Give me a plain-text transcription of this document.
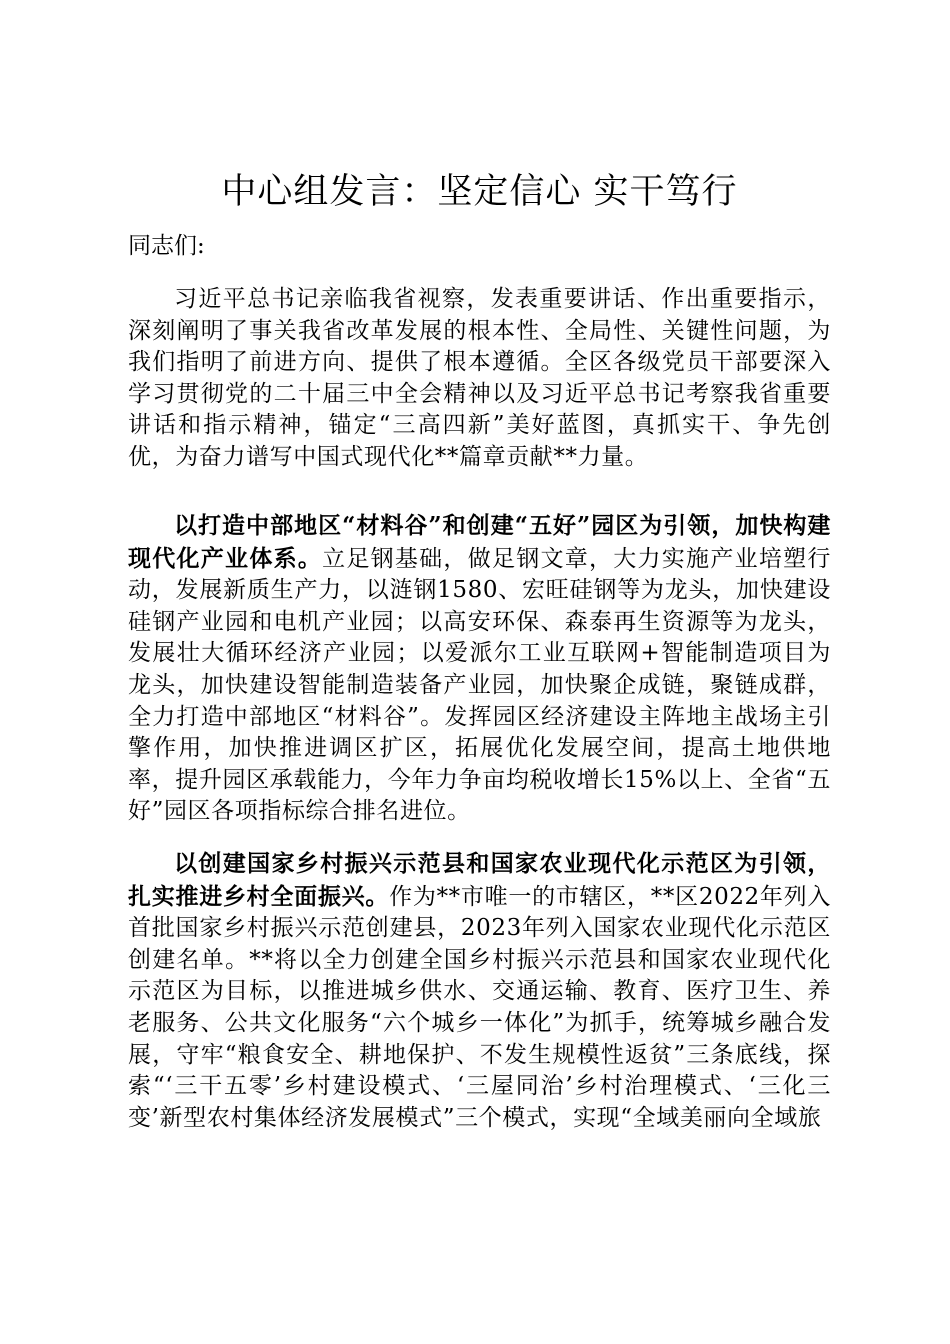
中心组发言：坚定信心 实干笃行

同志们:

习近平总书记亲临我省视察，发表重要讲话、作出重要指示，深刻阐明了事关我省改革发展的根本性、全局性、关键性问题，为我们指明了前进方向、提供了根本遵循。全区各级党员干部要深入学习贯彻党的二十届三中全会精神以及习近平总书记考察我省重要讲话和指示精神，锚定“三高四新”美好蓝图，真抓实干、争先创优，为奋力谱写中国式现代化**篇章贡献**力量。

以打造中部地区“材料谷”和创建“五好”园区为引领，加快构建现代化产业体系。立足钢基础，做足钢文章，大力实施产业培塑行动，发展新质生产力，以涟钢1580、宏旺硅钢等为龙头，加快建设硅钢产业园和电机产业园；以高安环保、森泰再生资源等为龙头，发展壮大循环经济产业园；以爱派尔工业互联网+智能制造项目为龙头，加快建设智能制造装备产业园，加快聚企成链，聚链成群，全力打造中部地区“材料谷”。发挥园区经济建设主阵地主战场主引擎作用，加快推进调区扩区，拓展优化发展空间，提高土地供地率，提升园区承载能力，今年力争亩均税收增长15%以上、全省“五好”园区各项指标综合排名进位。

以创建国家乡村振兴示范县和国家农业现代化示范区为引领，扎实推进乡村全面振兴。作为**市唯一的市辖区，**区2022年列入首批国家乡村振兴示范创建县，2023年列入国家农业现代化示范区创建名单。**将以全力创建全国乡村振兴示范县和国家农业现代化示范区为目标，以推进城乡供水、交通运输、教育、医疗卫生、养老服务、公共文化服务“六个城乡一体化”为抓手，统筹城乡融合发展，守牢“粮食安全、耕地保护、不发生规模性返贫”三条底线，探索“‘三干五零’乡村建设模式、‘三屋同治’乡村治理模式、‘三化三变’新型农村集体经济发展模式”三个模式，实现“全域美丽向全域旅
